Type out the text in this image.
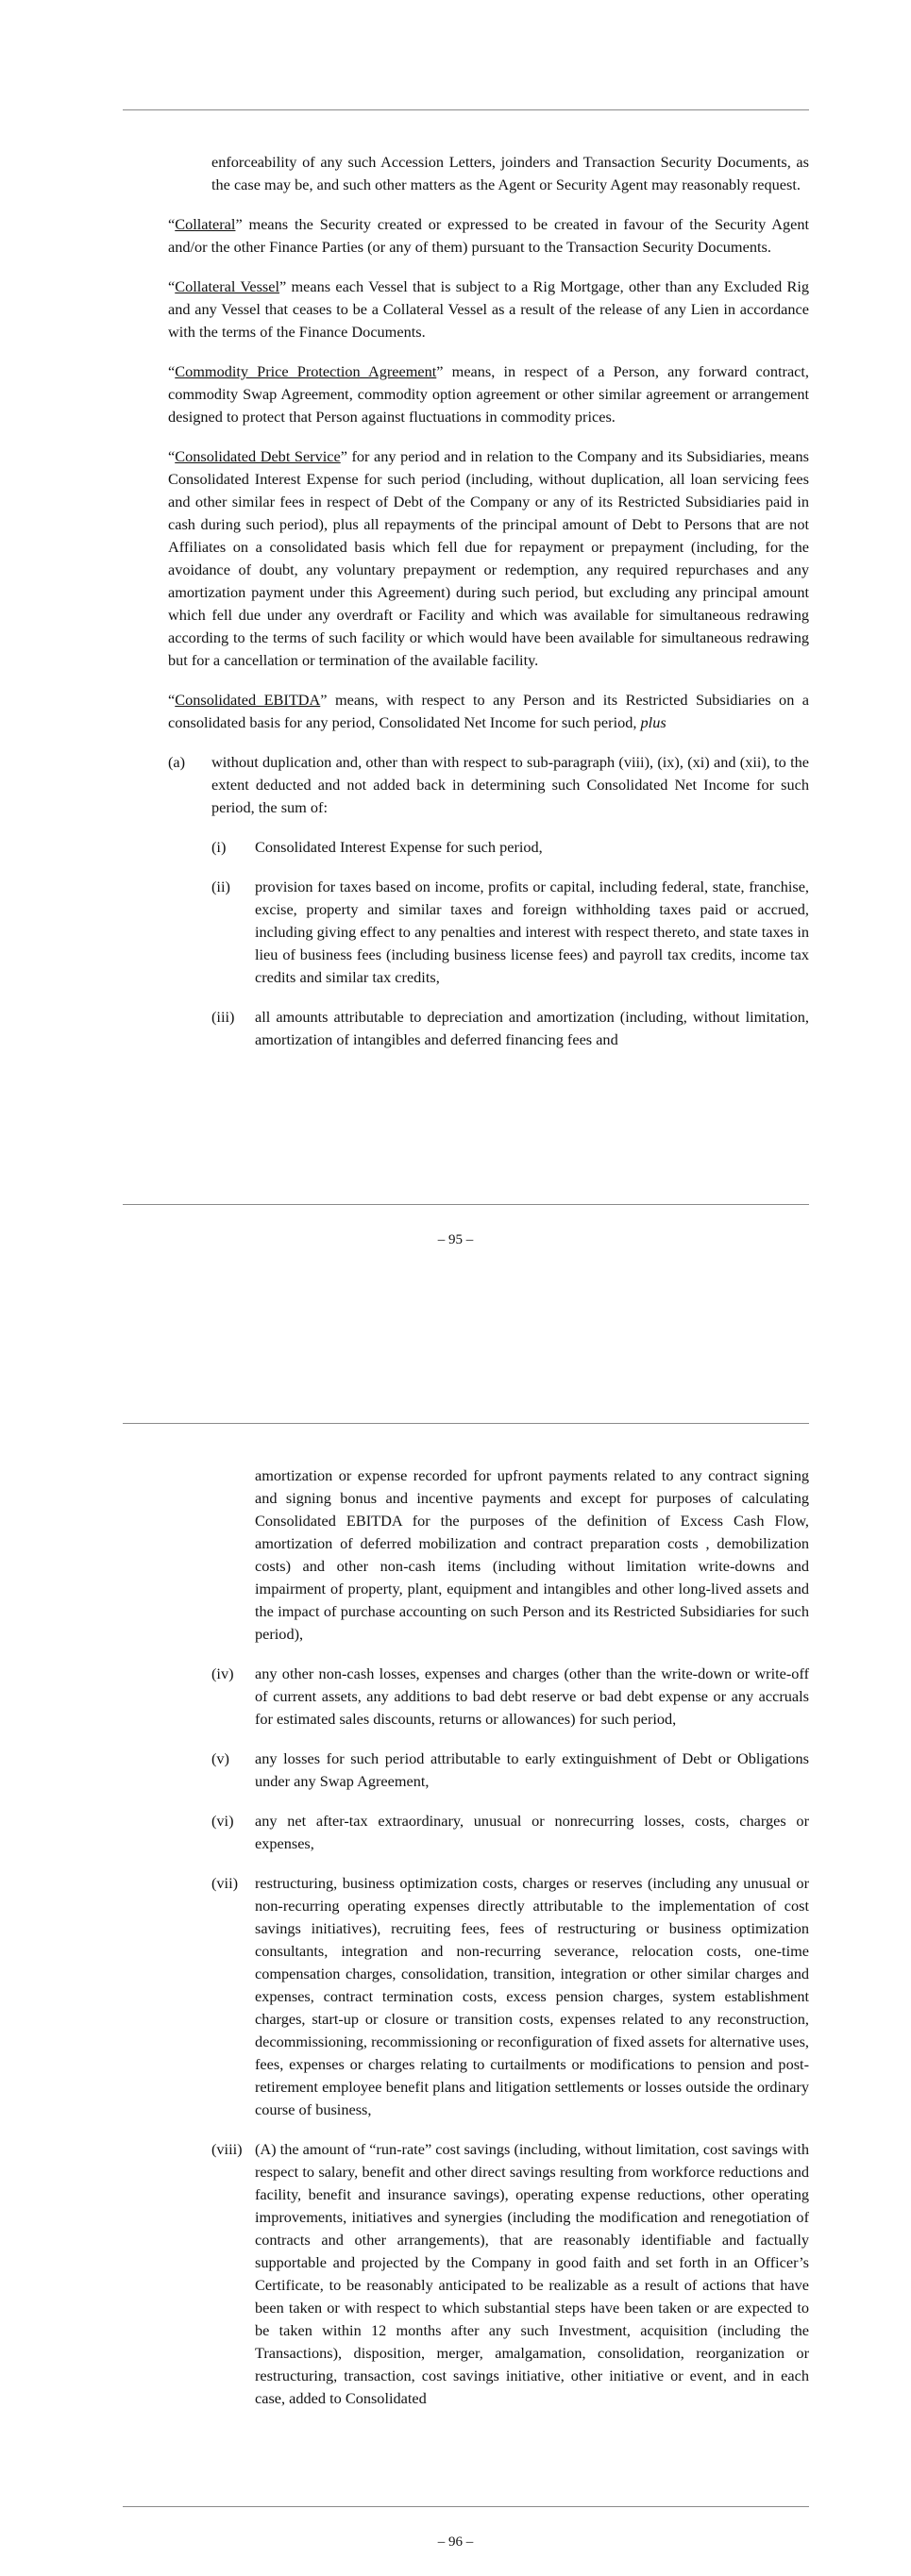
enforceability of any such Accession Letters, joinders and Transaction Security Documents, as the case may be, and such other matters as the Agent or Security Agent may reasonably request.

“Collateral” means the Security created or expressed to be created in favour of the Security Agent and/or the other Finance Parties (or any of them) pursuant to the Transaction Security Documents.

“Collateral Vessel” means each Vessel that is subject to a Rig Mortgage, other than any Excluded Rig and any Vessel that ceases to be a Collateral Vessel as a result of the release of any Lien in accordance with the terms of the Finance Documents.

“Commodity Price Protection Agreement” means, in respect of a Person, any forward contract, commodity Swap Agreement, commodity option agreement or other similar agreement or arrangement designed to protect that Person against fluctuations in commodity prices.

“Consolidated Debt Service” for any period and in relation to the Company and its Subsidiaries, means Consolidated Interest Expense for such period (including, without duplication, all loan servicing fees and other similar fees in respect of Debt of the Company or any of its Restricted Subsidiaries paid in cash during such period), plus all repayments of the principal amount of Debt to Persons that are not Affiliates on a consolidated basis which fell due for repayment or prepayment (including, for the avoidance of doubt, any voluntary prepayment or redemption, any required repurchases and any amortization payment under this Agreement) during such period, but excluding any principal amount which fell due under any overdraft or Facility and which was available for simultaneous redrawing according to the terms of such facility or which would have been available for simultaneous redrawing but for a cancellation or termination of the available facility.

“Consolidated EBITDA” means, with respect to any Person and its Restricted Subsidiaries on a consolidated basis for any period, Consolidated Net Income for such period, plus

(a) without duplication and, other than with respect to sub-paragraph (viii), (ix), (xi) and (xii), to the extent deducted and not added back in determining such Consolidated Net Income for such period, the sum of:

(i) Consolidated Interest Expense for such period,

(ii) provision for taxes based on income, profits or capital, including federal, state, franchise, excise, property and similar taxes and foreign withholding taxes paid or accrued, including giving effect to any penalties and interest with respect thereto, and state taxes in lieu of business fees (including business license fees) and payroll tax credits, income tax credits and similar tax credits,

(iii) all amounts attributable to depreciation and amortization (including, without limitation, amortization of intangibles and deferred financing fees and

– 95 –

amortization or expense recorded for upfront payments related to any contract signing and signing bonus and incentive payments and except for purposes of calculating Consolidated EBITDA for the purposes of the definition of Excess Cash Flow, amortization of deferred mobilization and contract preparation costs , demobilization costs) and other non-cash items (including without limitation write-downs and impairment of property, plant, equipment and intangibles and other long-lived assets and the impact of purchase accounting on such Person and its Restricted Subsidiaries for such period),

(iv) any other non-cash losses, expenses and charges (other than the write-down or write-off of current assets, any additions to bad debt reserve or bad debt expense or any accruals for estimated sales discounts, returns or allowances) for such period,

(v) any losses for such period attributable to early extinguishment of Debt or Obligations under any Swap Agreement,

(vi) any net after-tax extraordinary, unusual or nonrecurring losses, costs, charges or expenses,

(vii) restructuring, business optimization costs, charges or reserves (including any unusual or non-recurring operating expenses directly attributable to the implementation of cost savings initiatives), recruiting fees, fees of restructuring or business optimization consultants, integration and non-recurring severance, relocation costs, one-time compensation charges, consolidation, transition, integration or other similar charges and expenses, contract termination costs, excess pension charges, system establishment charges, start-up or closure or transition costs, expenses related to any reconstruction, decommissioning, recommissioning or reconfiguration of fixed assets for alternative uses, fees, expenses or charges relating to curtailments or modifications to pension and post-retirement employee benefit plans and litigation settlements or losses outside the ordinary course of business,

(viii) (A) the amount of “run-rate” cost savings (including, without limitation, cost savings with respect to salary, benefit and other direct savings resulting from workforce reductions and facility, benefit and insurance savings), operating expense reductions, other operating improvements, initiatives and synergies (including the modification and renegotiation of contracts and other arrangements), that are reasonably identifiable and factually supportable and projected by the Company in good faith and set forth in an Officer’s Certificate, to be reasonably anticipated to be realizable as a result of actions that have been taken or with respect to which substantial steps have been taken or are expected to be taken within 12 months after any such Investment, acquisition (including the Transactions), disposition, merger, amalgamation, consolidation, reorganization or restructuring, transaction, cost savings initiative, other initiative or event, and in each case, added to Consolidated

– 96 –
